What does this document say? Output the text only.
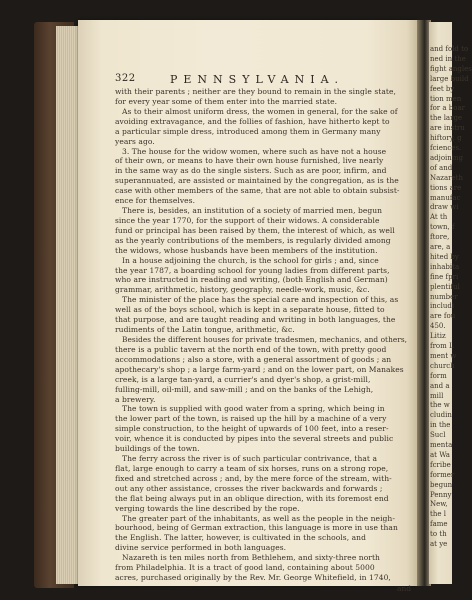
and fold to
ned in the
fight angles
large build
feet by
tion men
for a boar
the large
are instru
hiftory, g
fciences.
adjoining
of and
Nazareth
tions are
manufac
draw wi
At th
town, f
ftore,
are, a
hited by
inhabita
fine fpri
plentiful
number
includi
are fou
450.
Litiz
from L
ment w
church
form
and a
mill
the w
cludin
in the
Sucl
menta
at Wa
fcribe
former
begun
Penny
New,
the l
fame
to th
at ye
322	PENNSYLVANIA.
with their parents ; neither are they bound to remain in the single state,
for every year some of them enter into the married state.
As to their almost uniform dress, the women in general, for the sake of
avoiding extravagance, and the follies of fashion, have hitherto kept to
a particular simple dress, introduced among them in Germany many
years ago.
3. The house for the widow women, where such as have not a house
of their own, or means to have their own house furnished, live nearly
in the same way as do the single sisters. Such as are poor, infirm, and
superannuated, are assisted or maintained by the congregation, as is the
case with other members of the same, that are not able to obtain subsist-
ence for themselves.
There is, besides, an institution of a society of married men, begun
since the year 1770, for the support of their widows. A considerable
fund or principal has been raised by them, the interest of which, as well
as the yearly contributions of the members, is regularly divided among
the widows, whose husbands have been members of the institution.
In a house adjoining the church, is the school for girls ; and, since
the year 1787, a boarding school for young ladies from different parts,
who are instructed in reading and writing, (both English and German)
grammar, arithmetic, history, geography, needle-work, music, &c.
The minister of the place has the special care and inspection of this, as
well as of the boys school, which is kept in a separate house, fitted to
that purpose, and are taught reading and writing in both languages, the
rudiments of the Latin tongue, arithmetic, &c.
Besides the different houses for private tradesmen, mechanics, and others,
there is a public tavern at the north end of the town, with pretty good
accommodations ; also a store, with a general assortment of goods ; an
apothecary's shop ; a large farm-yard ; and on the lower part, on Manakes
creek, is a large tan-yard, a currier's and dyer's shop, a grist-mill,
fulling-mill, oil-mill, and saw-mill ; and on the banks of the Lehigh,
a brewery.
The town is supplied with good water from a spring, which being in
the lower part of the town, is raised up the hill by a machine of a very
simple construction, to the height of upwards of 100 feet, into a reser-
voir, whence it is conducted by pipes into the several streets and public
buildings of the town.
The ferry across the river is of such particular contrivance, that a
flat, large enough to carry a team of six horses, runs on a strong rope,
fixed and stretched across ; and, by the mere force of the stream, with-
out any other assistance, crosses the river backwards and forwards ;
the flat being always put in an oblique direction, with its foremost end
verging towards the line described by the rope.
The greater part of the inhabitants, as well as the people in the neigh-
bourhood, being of German extraction, this language is more in use than
the English. The latter, however, is cultivated in the schools, and
divine service performed in both languages.
Nazareth is ten miles north from Bethlehem, and sixty-three north
from Philadelphia. It is a tract of good land, containing about 5000
acres, purchased originally by the Rev. Mr. George Whitefield, in 1740,
and
